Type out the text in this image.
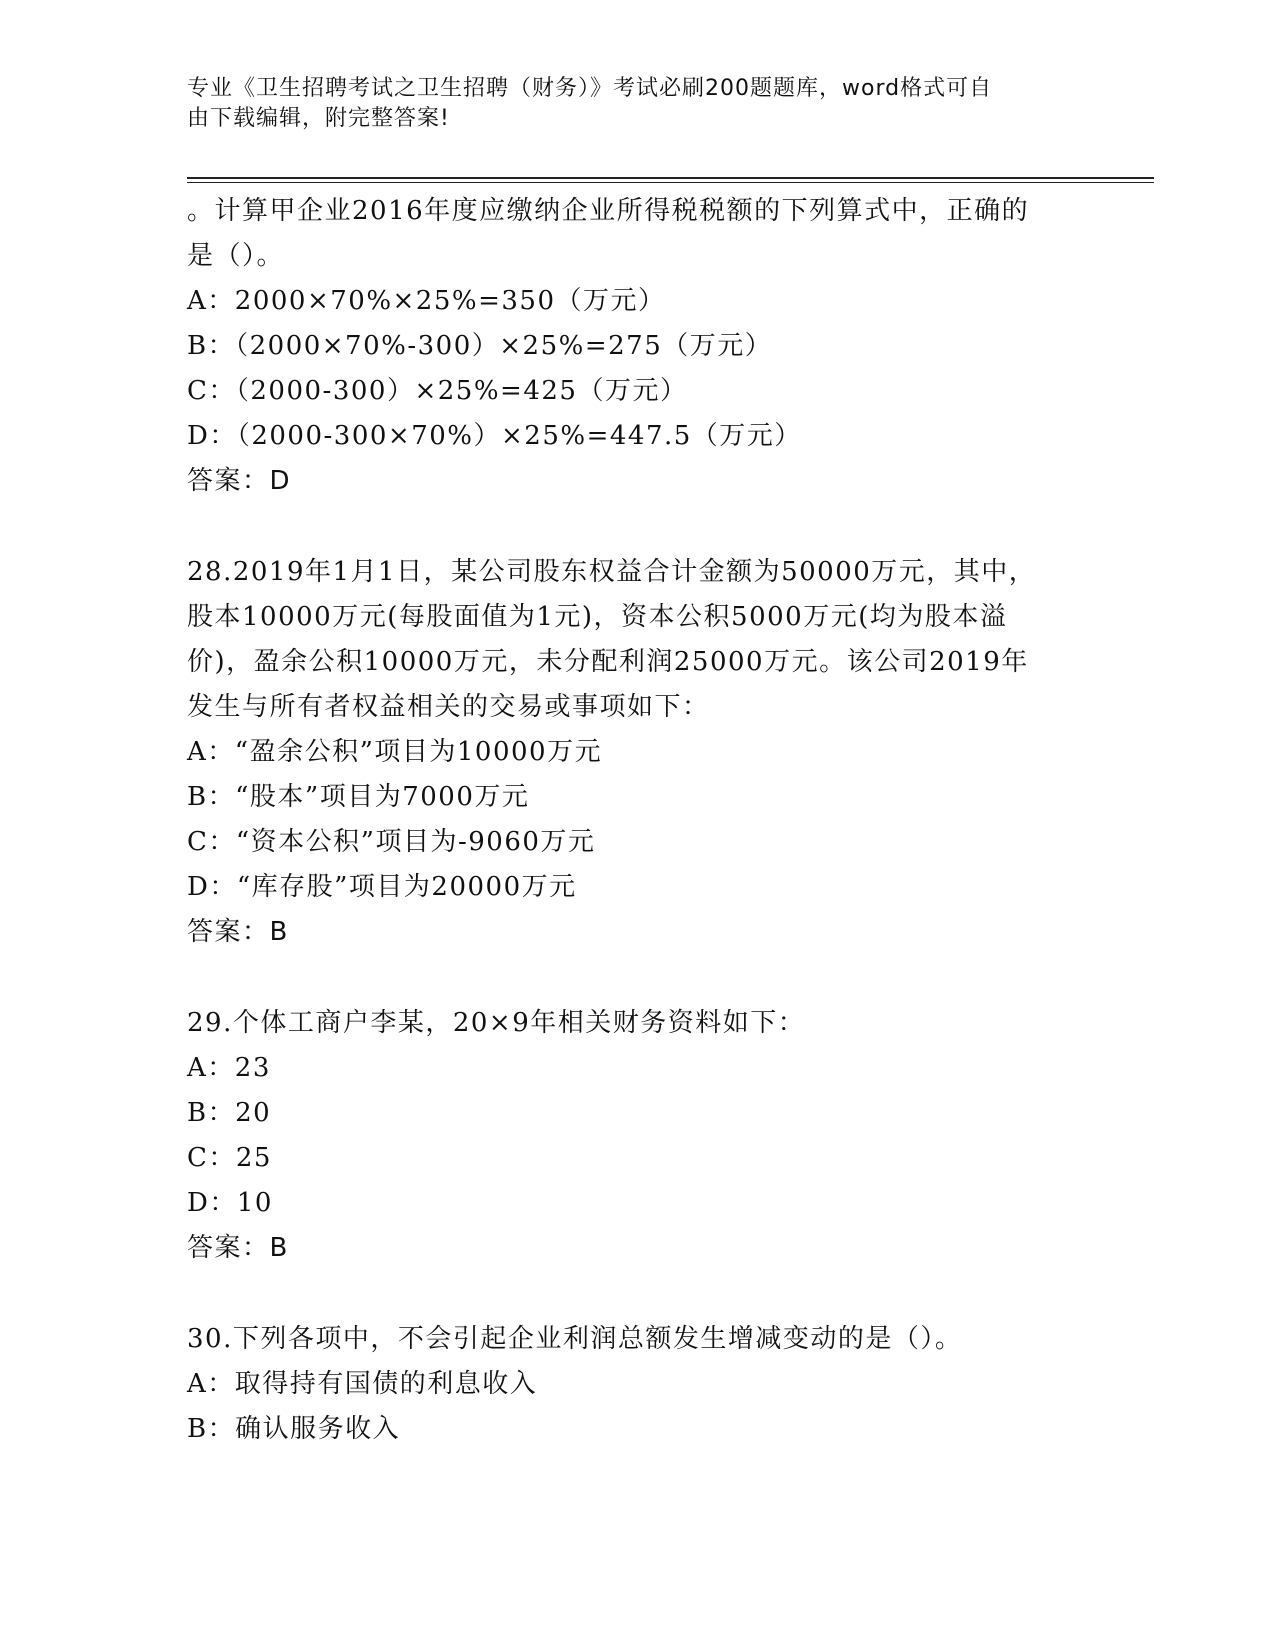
专业《卫生招聘考试之卫生招聘（财务）》考试必刷200题题库，word格式可自
由下载编辑，附完整答案!
。计算甲企业2016年度应缴纳企业所得税税额的下列算式中，正确的
是（）。
A：2000×70%×25%=350（万元）
B：（2000×70%-300）×25%=275（万元）
C：（2000-300）×25%=425（万元）
D：（2000-300×70%）×25%=447.5（万元）
答案：D
28.2019年1月1日，某公司股东权益合计金额为50000万元，其中，
股本10000万元(每股面值为1元)，资本公积5000万元(均为股本溢
价)，盈余公积10000万元，未分配利润25000万元。该公司2019年
发生与所有者权益相关的交易或事项如下：
A：“盈余公积”项目为10000万元
B：“股本”项目为7000万元
C：“资本公积”项目为-9060万元
D：“库存股”项目为20000万元
答案：B
29.个体工商户李某，20×9年相关财务资料如下：
A：23
B：20
C：25
D：10
答案：B
30.下列各项中，不会引起企业利润总额发生增减变动的是（）。
A：取得持有国债的利息收入
B：确认服务收入
